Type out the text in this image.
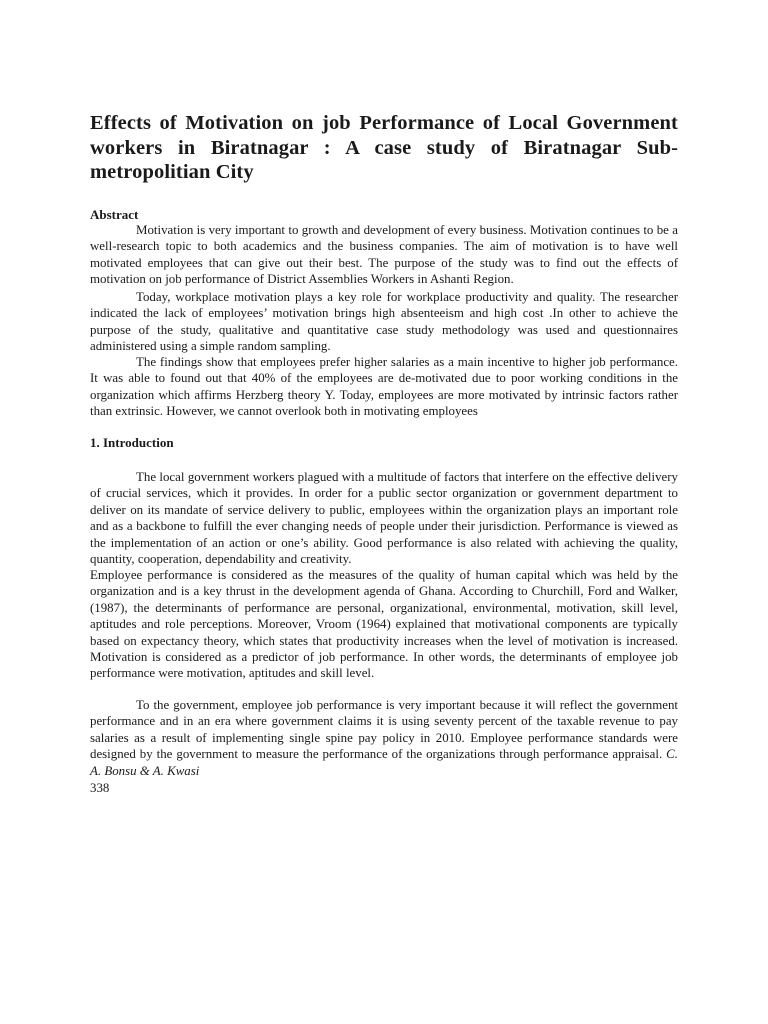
Effects of Motivation on job Performance of Local Government workers in Biratnagar : A case study of Biratnagar Sub-metropolitian City
Abstract

Motivation is very important to growth and development of every business. Motivation continues to be a well-research topic to both academics and the business companies. The aim of motivation is to have well motivated employees that can give out their best. The purpose of the study was to find out the effects of motivation on job performance of District Assemblies Workers in Ashanti Region.

Today, workplace motivation plays a key role for workplace productivity and quality. The researcher indicated the lack of employees’ motivation brings high absenteeism and high cost .In other to achieve the purpose of the study, qualitative and quantitative case study methodology was used and questionnaires administered using a simple random sampling.

The findings show that employees prefer higher salaries as a main incentive to higher job performance. It was able to found out that 40% of the employees are de-motivated due to poor working conditions in the organization which affirms Herzberg theory Y. Today, employees are more motivated by intrinsic factors rather than extrinsic. However, we cannot overlook both in motivating employees

1. Introduction

The local government workers plagued with a multitude of factors that interfere on the effective delivery of crucial services, which it provides. In order for a public sector organization or government department to deliver on its mandate of service delivery to public, employees within the organization plays an important role and as a backbone to fulfill the ever changing needs of people under their jurisdiction. Performance is viewed as the implementation of an action or one’s ability. Good performance is also related with achieving the quality, quantity, cooperation, dependability and creativity.

Employee performance is considered as the measures of the quality of human capital which was held by the organization and is a key thrust in the development agenda of Ghana. According to Churchill, Ford and Walker, (1987), the determinants of performance are personal, organizational, environmental, motivation, skill level, aptitudes and role perceptions. Moreover, Vroom (1964) explained that motivational components are typically based on expectancy theory, which states that productivity increases when the level of motivation is increased. Motivation is considered as a predictor of job performance. In other words, the determinants of employee job performance were motivation, aptitudes and skill level.

To the government, employee job performance is very important because it will reflect the government performance and in an era where government claims it is using seventy percent of the taxable revenue to pay salaries as a result of implementing single spine pay policy in 2010. Employee performance standards were designed by the government to measure the performance of the organizations through performance appraisal. C. A. Bonsu & A. Kwasi

338
